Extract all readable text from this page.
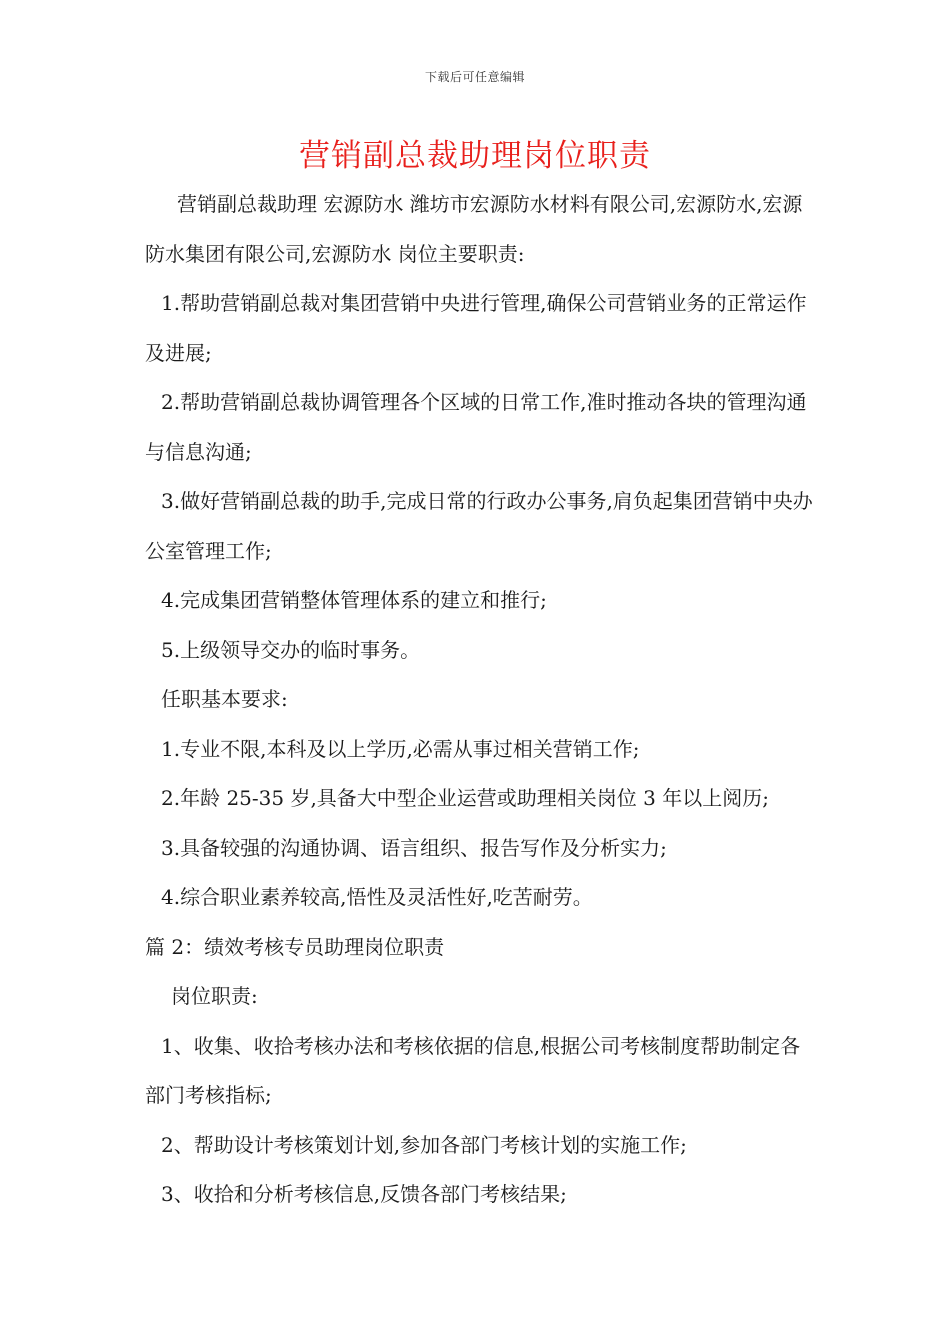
下载后可任意编辑
营销副总裁助理岗位职责

营销副总裁助理 宏源防水 潍坊市宏源防水材料有限公司,宏源防水,宏源防水集团有限公司,宏源防水 岗位主要职责:

1.帮助营销副总裁对集团营销中央进行管理,确保公司营销业务的正常运作及进展;

2.帮助营销副总裁协调管理各个区域的日常工作,准时推动各块的管理沟通与信息沟通;

3.做好营销副总裁的助手,完成日常的行政办公事务,肩负起集团营销中央办公室管理工作;

4.完成集团营销整体管理体系的建立和推行;

5.上级领导交办的临时事务。

任职基本要求:

1.专业不限,本科及以上学历,必需从事过相关营销工作;

2.年龄 25-35 岁,具备大中型企业运营或助理相关岗位 3 年以上阅历;

3.具备较强的沟通协调、语言组织、报告写作及分析实力;

4.综合职业素养较高,悟性及灵活性好,吃苦耐劳。

篇 2：绩效考核专员助理岗位职责

岗位职责:

1、收集、收拾考核办法和考核依据的信息,根据公司考核制度帮助制定各部门考核指标;

2、帮助设计考核策划计划,参加各部门考核计划的实施工作;

3、收拾和分析考核信息,反馈各部门考核结果;
